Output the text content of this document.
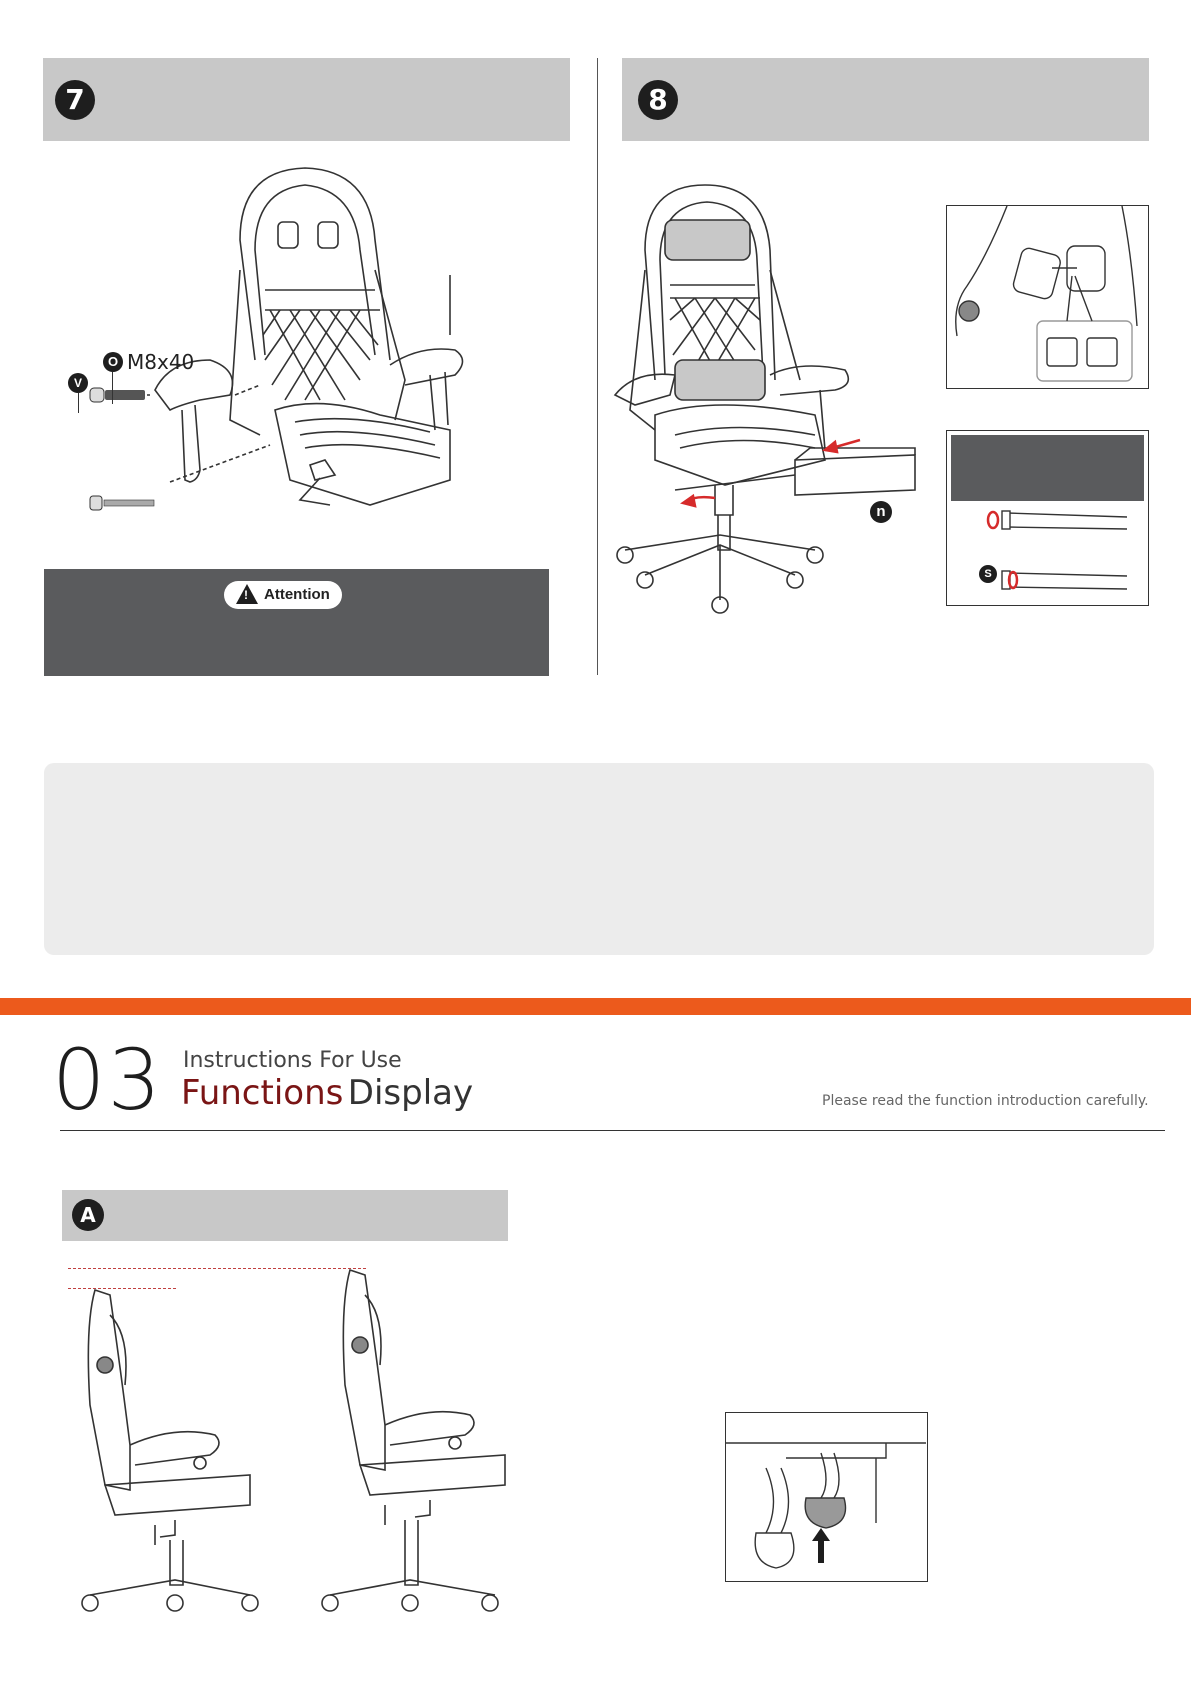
7
O M8x40
V
! Attention
8
n
S
03 Instructions For Use
Functions Display	Please read the function introduction carefully.
A
